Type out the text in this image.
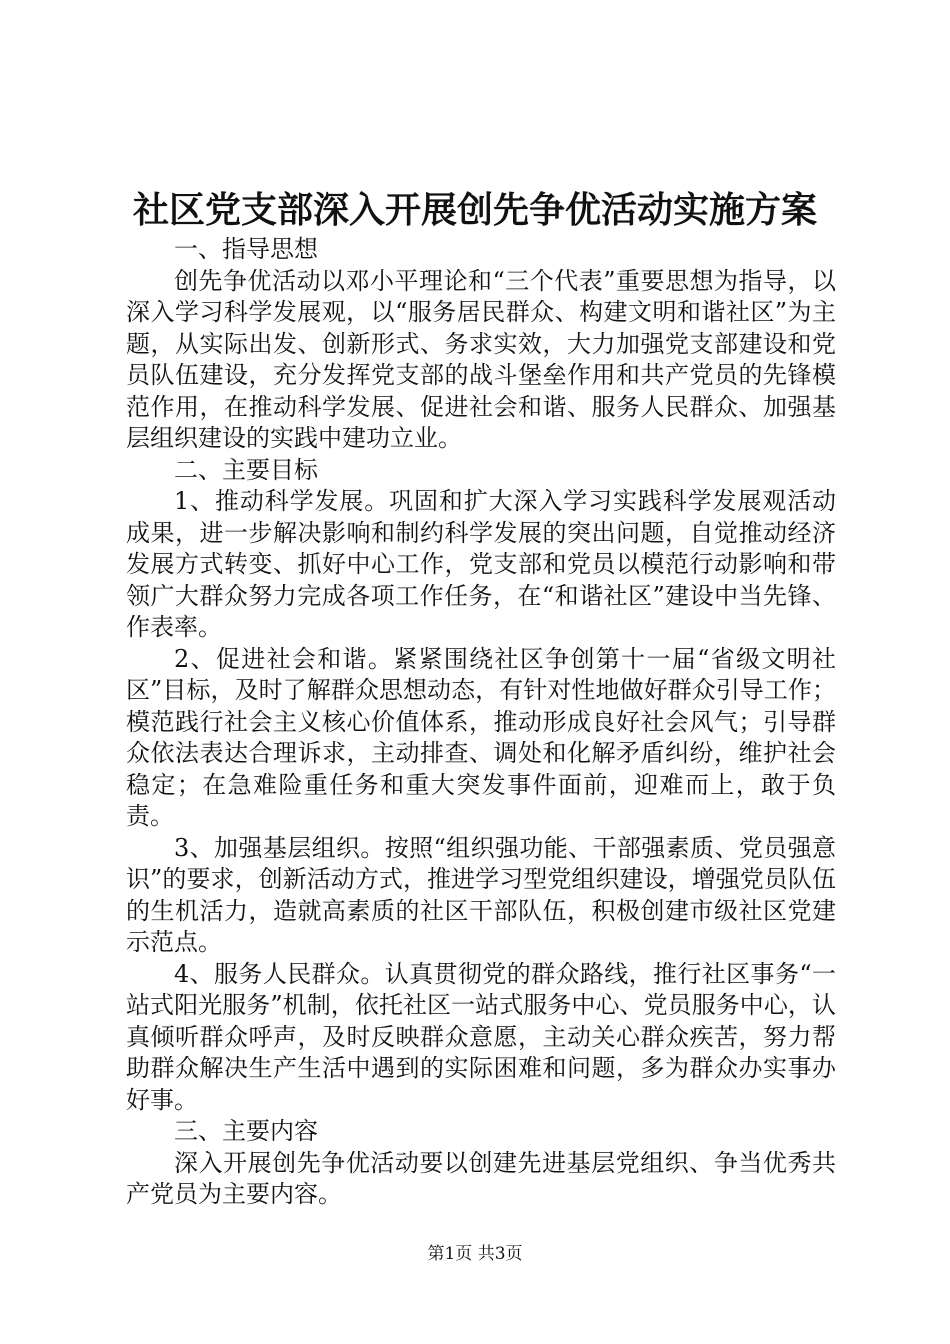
社区党支部深入开展创先争优活动实施方案

一、指导思想

创先争优活动以邓小平理论和“三个代表”重要思想为指导，以深入学习科学发展观，以“服务居民群众、构建文明和谐社区”为主题，从实际出发、创新形式、务求实效，大力加强党支部建设和党员队伍建设，充分发挥党支部的战斗堡垒作用和共产党员的先锋模范作用，在推动科学发展、促进社会和谐、服务人民群众、加强基层组织建设的实践中建功立业。

二、主要目标

1、推动科学发展。巩固和扩大深入学习实践科学发展观活动成果，进一步解决影响和制约科学发展的突出问题，自觉推动经济发展方式转变、抓好中心工作，党支部和党员以模范行动影响和带领广大群众努力完成各项工作任务，在“和谐社区”建设中当先锋、作表率。

2、促进社会和谐。紧紧围绕社区争创第十一届“省级文明社区”目标，及时了解群众思想动态，有针对性地做好群众引导工作；模范践行社会主义核心价值体系，推动形成良好社会风气；引导群众依法表达合理诉求，主动排查、调处和化解矛盾纠纷，维护社会稳定；在急难险重任务和重大突发事件面前，迎难而上，敢于负责。

3、加强基层组织。按照“组织强功能、干部强素质、党员强意识”的要求，创新活动方式，推进学习型党组织建设，增强党员队伍的生机活力，造就高素质的社区干部队伍，积极创建市级社区党建示范点。

4、服务人民群众。认真贯彻党的群众路线，推行社区事务“一站式阳光服务”机制，依托社区一站式服务中心、党员服务中心，认真倾听群众呼声，及时反映群众意愿，主动关心群众疾苦，努力帮助群众解决生产生活中遇到的实际困难和问题，多为群众办实事办好事。

三、主要内容

深入开展创先争优活动要以创建先进基层党组织、争当优秀共产党员为主要内容。

第1页 共3页
